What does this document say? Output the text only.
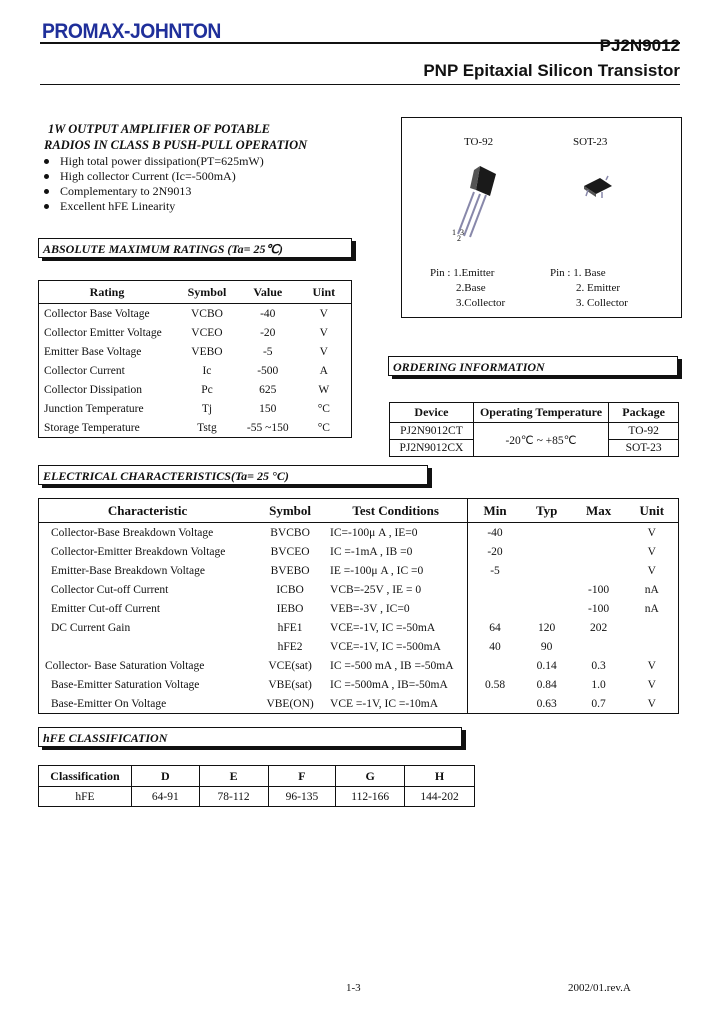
PROMAX-JOHNTON
PJ2N9012
PNP Epitaxial Silicon Transistor
1W OUTPUT AMPLIFIER OF POTABLE
RADIOS IN CLASS B PUSH-PULL OPERATION
High total power dissipation(PT=625mW)
High collector Current (Ic=-500mA)
Complementary to 2N9013
Excellent hFE Linearity
TO-92	SOT-23
1
2
3
Pin : 1.Emitter
2.Base
3.Collector
Pin : 1. Base
2. Emitter
3. Collector
ABSOLUTE MAXIMUM RATINGS (Ta= 25℃)
Rating	Symbol	Value	Uint
Collector Base Voltage	VCBO	-40	V
Collector Emitter Voltage	VCEO	-20	V
Emitter Base Voltage	VEBO	-5	V
Collector Current	Ic	-500	A
Collector Dissipation	Pc	625	W
Junction Temperature	Tj	150	°C
Storage Temperature	Tstg	-55 ~150	°C
ORDERING INFORMATION
Device	Operating Temperature	Package
PJ2N9012CT	-20℃ ~ +85℃	TO-92
PJ2N9012CX		SOT-23
ELECTRICAL CHARACTERISTICS(Ta= 25 °C)
Characteristic	Symbol	Test Conditions	Min	Typ	Max	Unit
Collector-Base Breakdown Voltage	BVCBO	IC=-100μ A , IE=0	-40			V
Collector-Emitter Breakdown Voltage	BVCEO	IC =-1mA , IB =0	-20			V
Emitter-Base Breakdown Voltage	BVEBO	IE =-100μ A , IC =0	-5			V
Collector Cut-off Current	ICBO	VCB=-25V , IE = 0			-100	nA
Emitter Cut-off Current	IEBO	VEB=-3V , IC=0			-100	nA
DC Current Gain	hFE1	VCE=-1V, IC =-50mA	64	120	202	
	hFE2	VCE=-1V, IC =-500mA	40	90		
Collector- Base Saturation Voltage	VCE(sat)	IC =-500 mA , IB =-50mA		0.14	0.3	V
Base-Emitter Saturation Voltage	VBE(sat)	IC =-500mA , IB=-50mA	0.58	0.84	1.0	V
Base-Emitter On Voltage	VBE(ON)	VCE =-1V, IC =-10mA		0.63	0.7	V
hFE CLASSIFICATION
Classification	D	E	F	G	H
hFE	64-91	78-112	96-135	112-166	144-202
1-3	2002/01.rev.A
